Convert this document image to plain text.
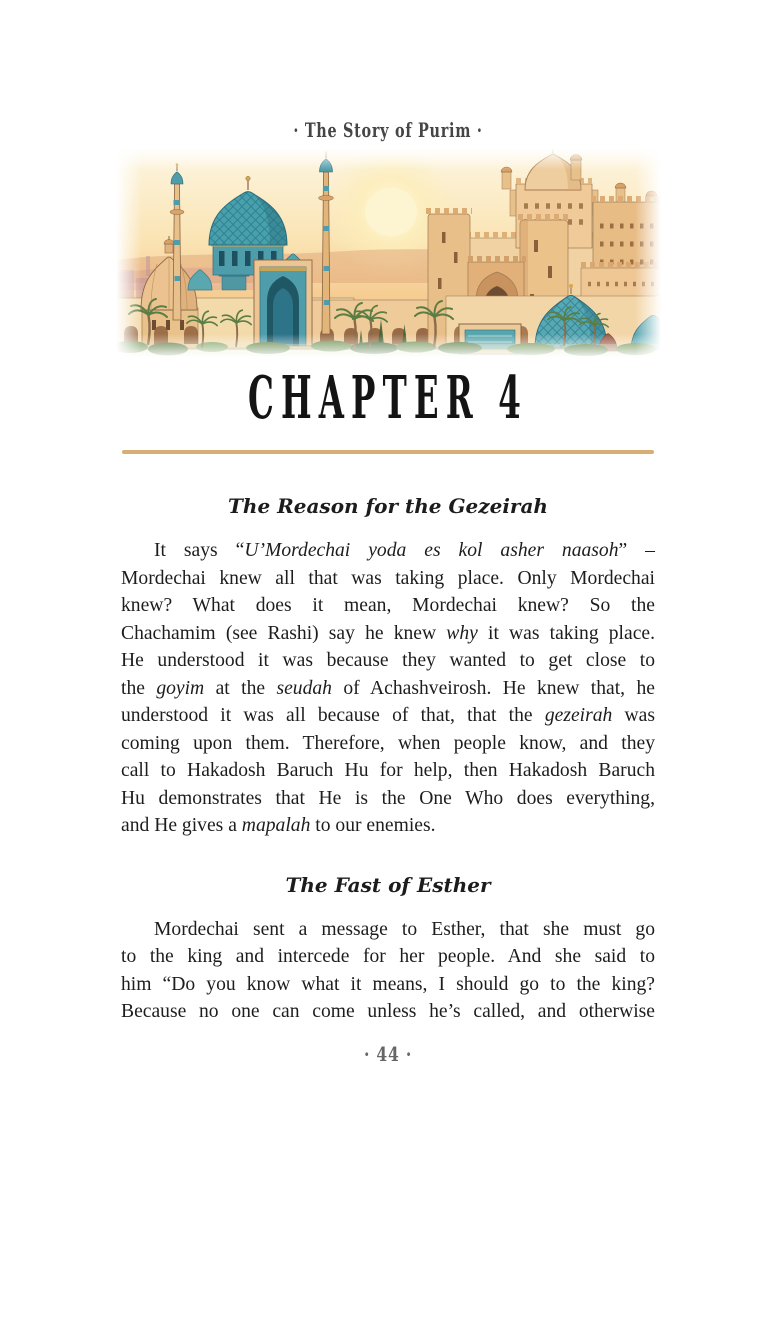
· The Story of Purim ·
CHAPTER 4
The Reason for the Gezeirah
It says “U’Mordechai yoda es kol asher naasoh” –
Mordechai knew all that was taking place. Only Mordechai
knew? What does it mean, Mordechai knew? So the
Chachamim (see Rashi) say he knew why it was taking place.
He understood it was because they wanted to get close to
the goyim at the seudah of Achashveirosh. He knew that, he
understood it was all because of that, that the gezeirah was
coming upon them. Therefore, when people know, and they
call to Hakadosh Baruch Hu for help, then Hakadosh Baruch
Hu demonstrates that He is the One Who does everything,
and He gives a mapalah to our enemies.
The Fast of Esther
Mordechai sent a message to Esther, that she must go
to the king and intercede for her people. And she said to
him “Do you know what it means, I should go to the king?
Because no one can come unless he’s called, and otherwise
· 44 ·
